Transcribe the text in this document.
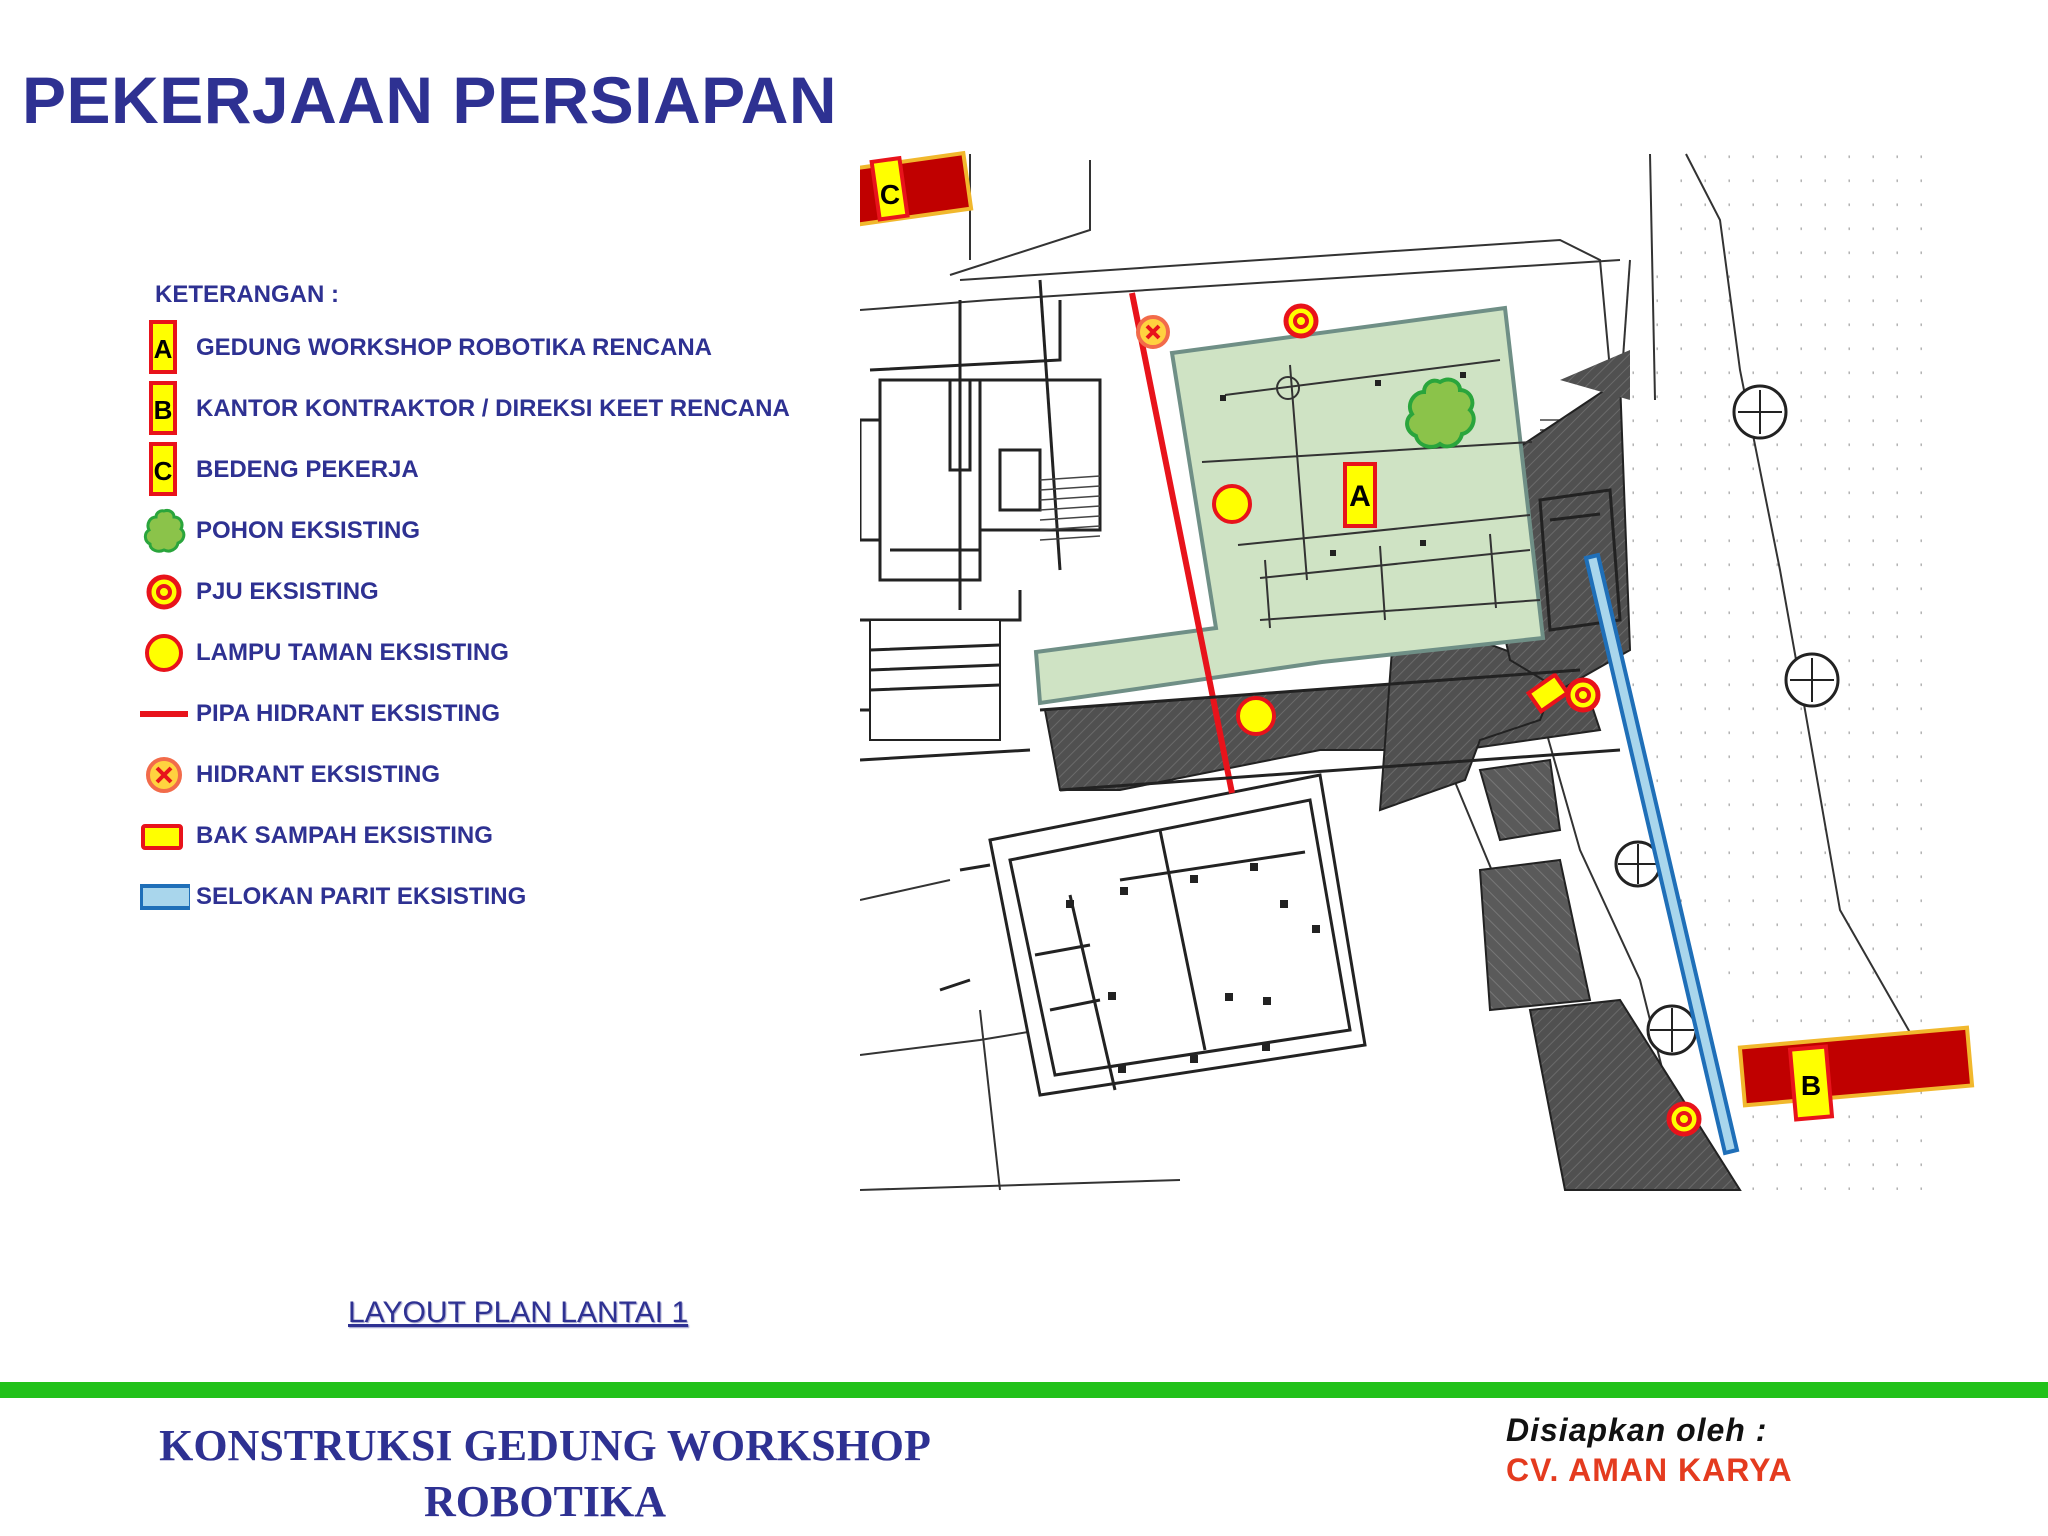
PEKERJAAN PERSIAPAN
KETERANGAN :
A GEDUNG WORKSHOP ROBOTIKA RENCANA
B KANTOR KONTRAKTOR / DIREKSI KEET RENCANA
C BEDENG PEKERJA
POHON EKSISTING
PJU EKSISTING
LAMPU TAMAN EKSISTING
PIPA HIDRANT EKSISTING
HIDRANT EKSISTING
BAK SAMPAH EKSISTING
SELOKAN PARIT EKSISTING
C
A
B
LAYOUT PLAN LANTAI 1
KONSTRUKSI GEDUNG WORKSHOP
ROBOTIKA
Disiapkan oleh :
CV. AMAN KARYA
